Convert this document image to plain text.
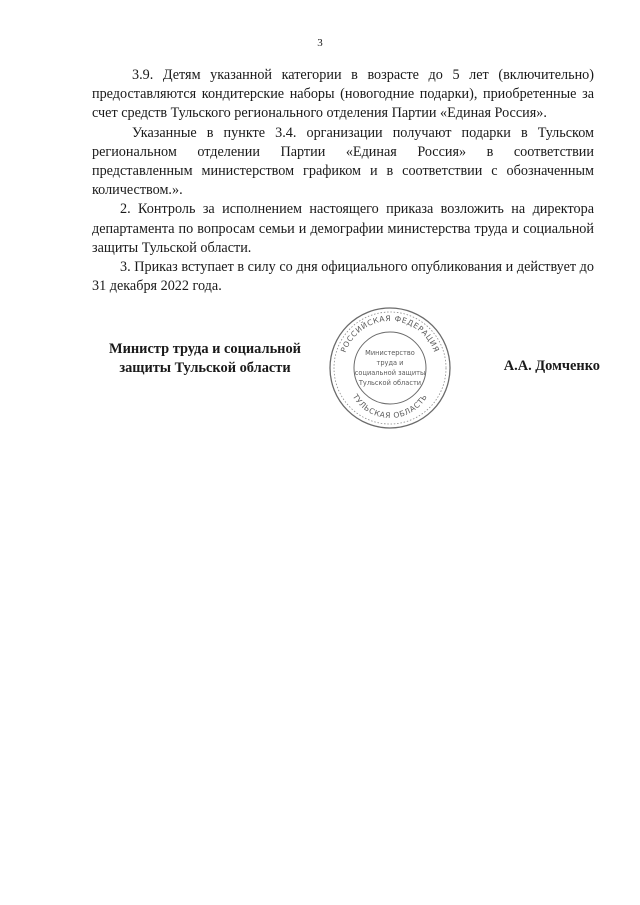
3

3.9. Детям указанной категории в возрасте до 5 лет (включительно) предоставляются кондитерские наборы (новогодние подарки), приобретенные за счет средств Тульского регионального отделения Партии «Единая Россия».

Указанные в пункте 3.4. организации получают подарки в Тульском региональном отделении Партии «Единая Россия» в соответствии представленным министерством графиком и в соответствии с обозначенным количеством.».

2. Контроль за исполнением настоящего приказа возложить на директора департамента по вопросам семьи и демографии министерства труда и социальной защиты Тульской области.

3. Приказ вступает в силу со дня официального опубликования и действует до 31 декабря 2022 года.

Министр труда и социальной
защиты Тульской области
РОССИЙСКАЯ ФЕДЕРАЦИЯ
ТУЛЬСКАЯ ОБЛАСТЬ
Министерство
труда и
социальной защиты
Тульской области
А.А. Домченко
